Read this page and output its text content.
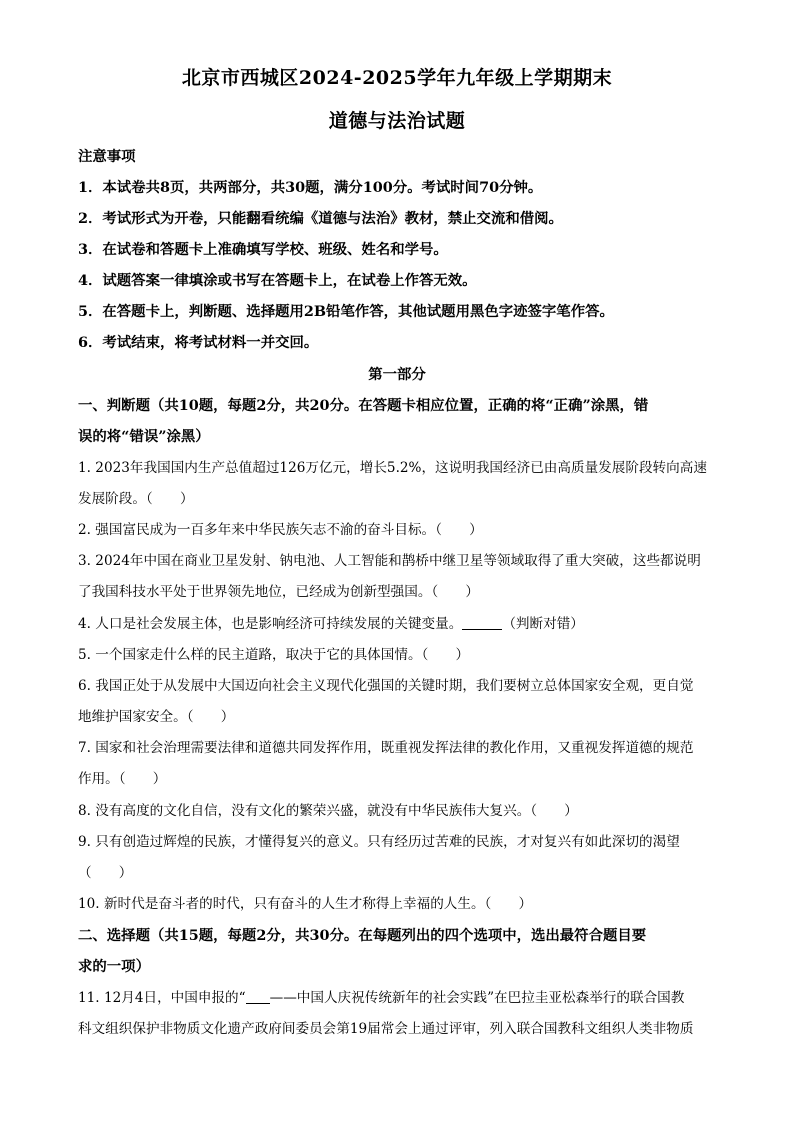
北京市西城区2024-2025学年九年级上学期期末
道德与法治试题
注意事项
1．本试卷共8页，共两部分，共30题，满分100分。考试时间70分钟。
2．考试形式为开卷，只能翻看统编《道德与法治》教材，禁止交流和借阅。
3．在试卷和答题卡上准确填写学校、班级、姓名和学号。
4．试题答案一律填涂或书写在答题卡上，在试卷上作答无效。
5．在答题卡上，判断题、选择题用2B铅笔作答，其他试题用黑色字迹签字笔作答。
6．考试结束，将考试材料一并交回。
第一部分
一、判断题（共10题，每题2分，共20分。在答题卡相应位置，正确的将“正确”涂黑，错
误的将“错误”涂黑）
1. 2023年我国国内生产总值超过126万亿元，增长5.2%，这说明我国经济已由高质量发展阶段转向高速
发展阶段。（　　）
2. 强国富民成为一百多年来中华民族矢志不渝的奋斗目标。（　　）
3. 2024年中国在商业卫星发射、钠电池、人工智能和鹊桥中继卫星等领域取得了重大突破，这些都说明
了我国科技水平处于世界领先地位，已经成为创新型强国。（　　）
4. 人口是社会发展主体，也是影响经济可持续发展的关键变量。	（判断对错）
5. 一个国家走什么样的民主道路，取决于它的具体国情。（　　）
6. 我国正处于从发展中大国迈向社会主义现代化强国的关键时期，我们要树立总体国家安全观，更自觉
地维护国家安全。（　　）
7. 国家和社会治理需要法律和道德共同发挥作用，既重视发挥法律的教化作用，又重视发挥道德的规范
作用。（　　）
8. 没有高度的文化自信，没有文化的繁荣兴盛，就没有中华民族伟大复兴。（　　）
9. 只有创造过辉煌的民族，才懂得复兴的意义。只有经历过苦难的民族，才对复兴有如此深切的渴望
（　　）
10. 新时代是奋斗者的时代，只有奋斗的人生才称得上幸福的人生。（　　）
二、选择题（共15题，每题2分，共30分。在每题列出的四个选项中，选出最符合题目要
求的一项）
11. 12月4日，中国申报的“ ——中国人庆祝传统新年的社会实践”在巴拉圭亚松森举行的联合国教
科文组织保护非物质文化遗产政府间委员会第19届常会上通过评审，列入联合国教科文组织人类非物质
